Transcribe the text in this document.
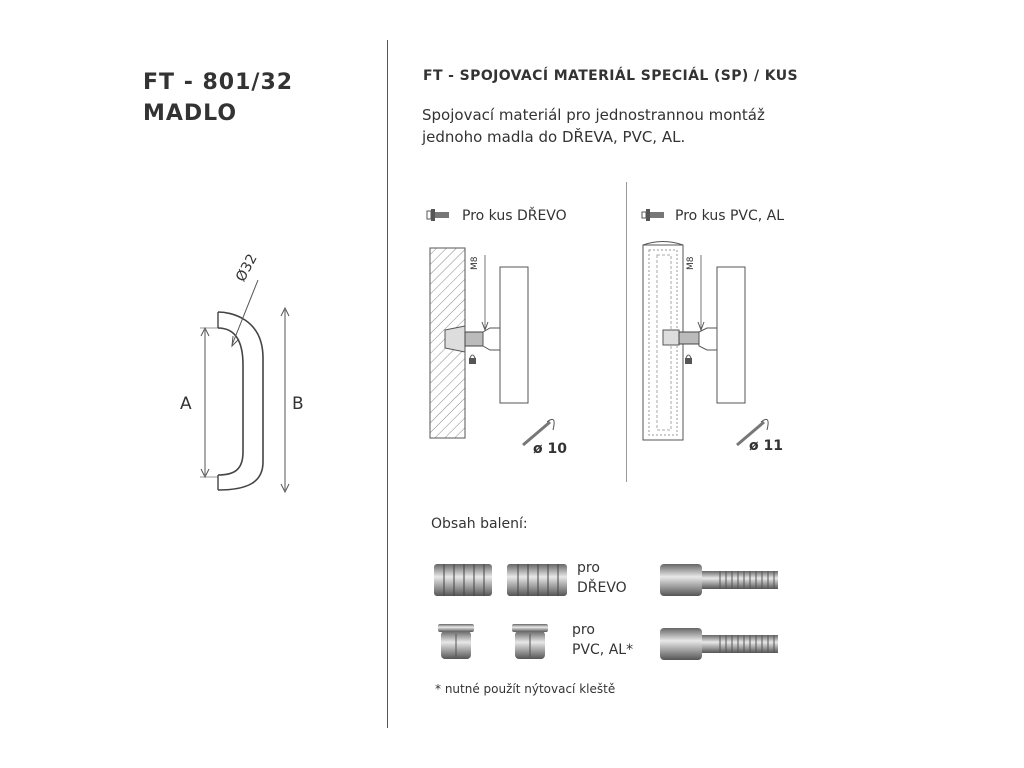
FT - 801/32
MADLO
Ø32
A	B
FT - SPOJOVACÍ MATERIÁL SPECIÁL (SP) / KUS
Spojovací materiál pro jednostrannou montáž
jednoho madla do DŘEVA, PVC, AL.
M8
ø 10
Pro kus DŘEVO
M8
ø 11
Pro kus PVC, AL
Obsah balení:
pro
DŘEVO
pro
PVC, AL*
* nutné použít nýtovací kleště
